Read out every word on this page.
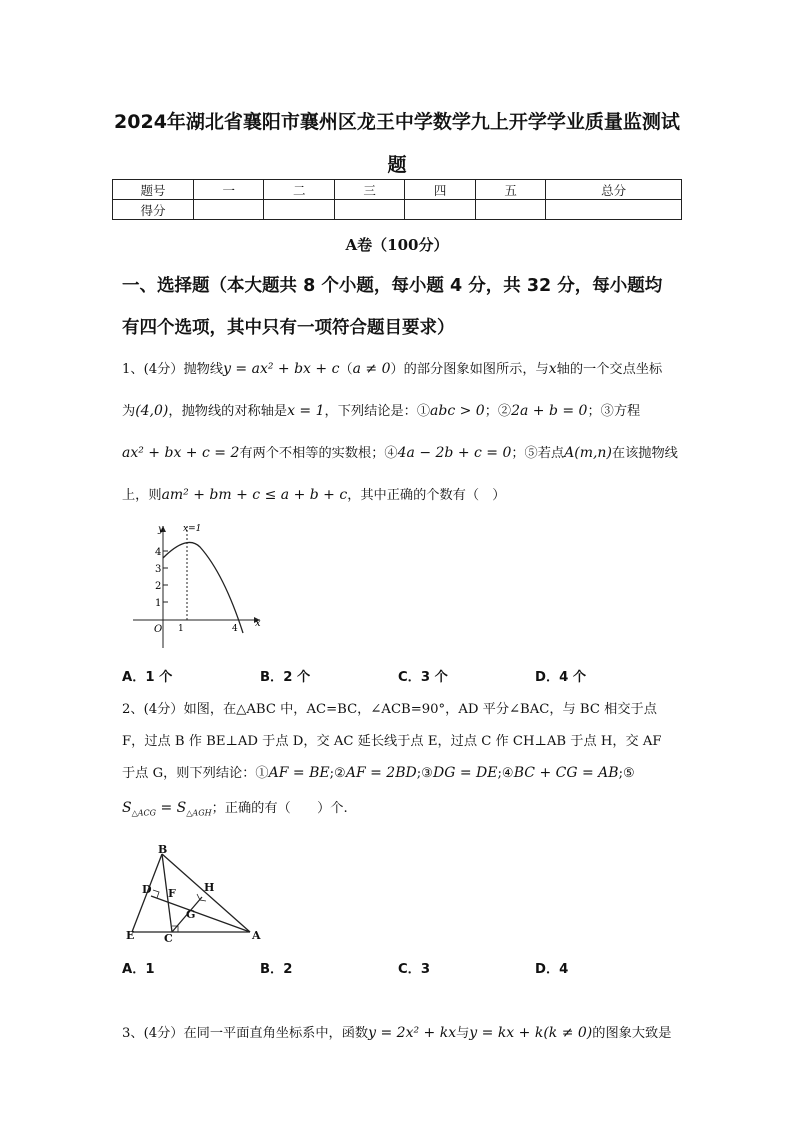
2024年湖北省襄阳市襄州区龙王中学数学九上开学学业质量监测试
题
题号	一	二	三	四	五	总分
得分						
A卷（100分）
一、选择题（本大题共 8 个小题，每小题 4 分，共 32 分，每小题均
有四个选项，其中只有一项符合题目要求）
1、(4分）抛物线y = ax² + bx + c（a ≠ 0）的部分图象如图所示，与x轴的一个交点坐标
为(4,0)，抛物线的对称轴是x = 1，下列结论是：①abc > 0；②2a + b = 0；③方程
ax² + bx + c = 2有两个不相等的实数根；④4a − 2b + c = 0；⑤若点A(m,n)在该抛物线
上，则am² + bm + c ≤ a + b + c，其中正确的个数有（　）
y
x
x=1
4
3
2
1
O 1	4
A．1 个	B．2 个	C．3 个	D．4 个
2、(4分）如图，在△ABC 中，AC=BC，∠ACB=90°，AD 平分∠BAC，与 BC 相交于点
F，过点 B 作 BE⊥AD 于点 D，交 AC 延长线于点 E，过点 C 作 CH⊥AB 于点 H，交 AF
于点 G，则下列结论：①AF = BE;②AF = 2BD;③DG = DE;④BC + CG = AB;⑤
$S_{\triangle ACG} = S_{\triangle AGH}$；正确的有（　　）个.
B
D F	H
G
E	C	A
A．1	B．2	C．3	D．4
3、(4分）在同一平面直角坐标系中，函数y = 2x² + kx与y = kx + k(k ≠ 0)的图象大致是
